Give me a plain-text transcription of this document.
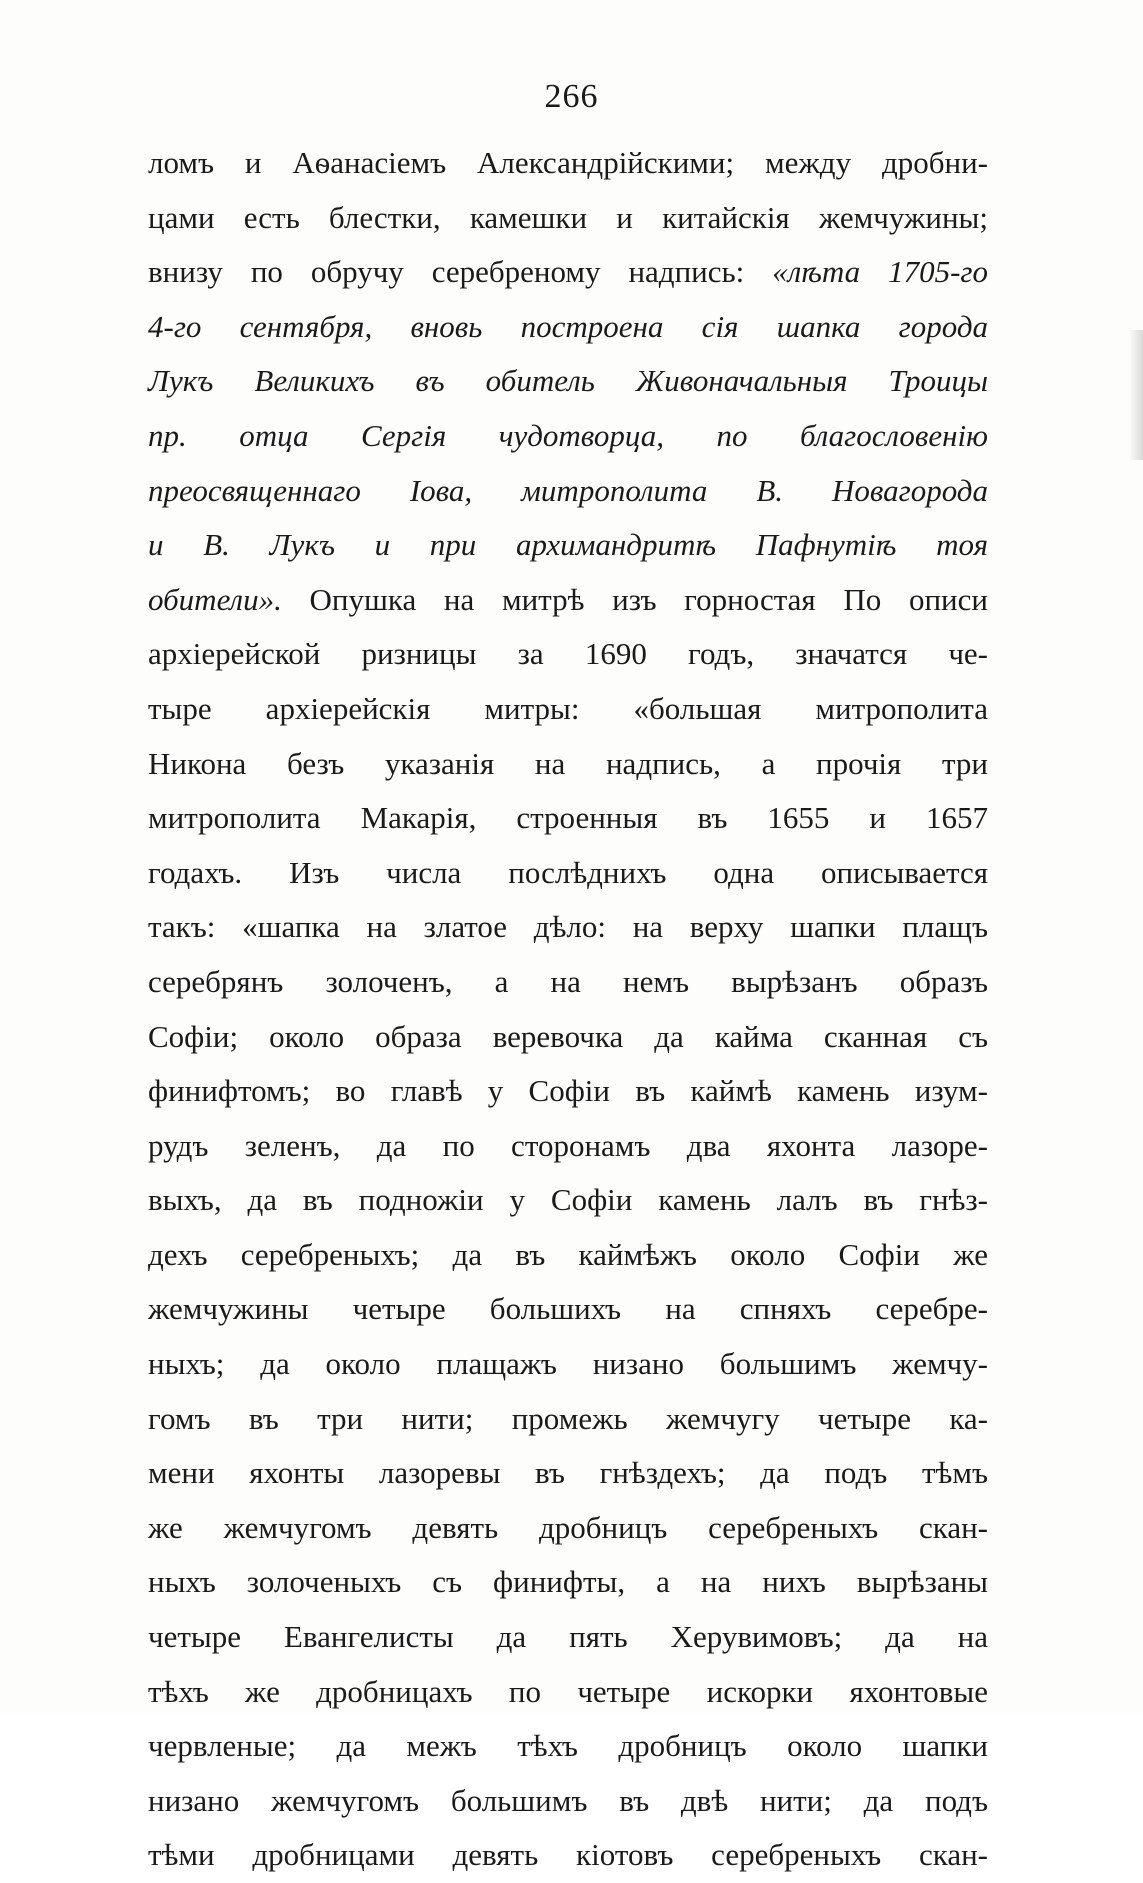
266
ломъ и Аѳанасіемъ Александрійскими; между дробни-
цами есть блестки, камешки и китайскія жемчужины;
внизу по обручу серебреному надпись: «лѣта 1705-го
4-го сентября, вновь построена сія шапка города
Лукъ Великихъ въ обитель Живоначальныя Троицы
пр. отца Сергія чудотворца, по благословенію
преосвященнаго Іова, митрополита В. Новагорода
и В. Лукъ и при архимандритѣ Пафнутіѣ тоя
обители». Опушка на митрѣ изъ горностая По описи
архіерейской ризницы за 1690 годъ, значатся че-
тыре архіерейскія митры: «большая митрополита
Никона безъ указанія на надпись, а прочія три
митрополита Макарія, строенныя въ 1655 и 1657
годахъ. Изъ числа послѣднихъ одна описывается
такъ: «шапка на златое дѣло: на верху шапки плащъ
серебрянъ золоченъ, а на немъ вырѣзанъ образъ
Софіи; около образа веревочка да кайма сканная съ
финифтомъ; во главѣ у Софіи въ каймѣ камень изум-
рудъ зеленъ, да по сторонамъ два яхонта лазоре-
выхъ, да въ подножіи у Софіи камень лалъ въ гнѣз-
дехъ серебреныхъ; да въ каймѣжъ около Софіи же
жемчужины четыре большихъ на спняхъ серебре-
ныхъ; да около плащажъ низано большимъ жемчу-
гомъ въ три нити; промежь жемчугу четыре ка-
мени яхонты лазоревы въ гнѣздехъ; да подъ тѣмъ
же жемчугомъ девять дробницъ серебреныхъ скан-
ныхъ золоченыхъ съ финифты, а на нихъ вырѣзаны
четыре Евангелисты да пять Херувимовъ; да на
тѣхъ же дробницахъ по четыре искорки яхонтовые
червленые; да межъ тѣхъ дробницъ около шапки
низано жемчугомъ большимъ въ двѣ нити; да подъ
тѣми дробницами девять кіотовъ серебреныхъ скан-
